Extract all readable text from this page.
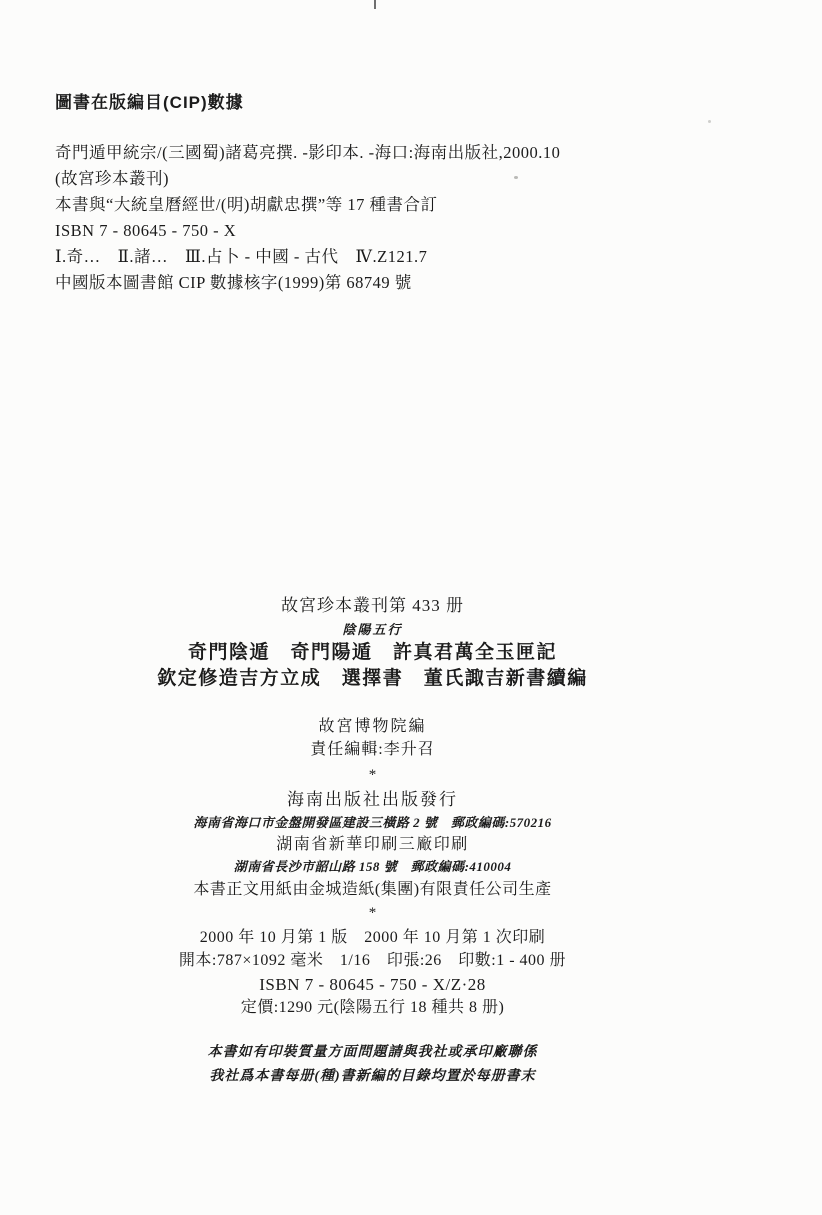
圖書在版編目(CIP)數據
奇門遁甲統宗/(三國蜀)諸葛亮撰. -影印本. -海口:海南出版社,2000.10
(故宮珍本叢刊)
本書與“大統皇曆經世/(明)胡獻忠撰”等 17 種書合訂
ISBN 7 - 80645 - 750 - X
Ⅰ.奇…　Ⅱ.諸…　Ⅲ.占卜 - 中國 - 古代　Ⅳ.Z121.7
中國版本圖書館 CIP 數據核字(1999)第 68749 號
故宮珍本叢刊第 433 册
陰陽五行
奇門陰遁　奇門陽遁　許真君萬全玉匣記
欽定修造吉方立成　選擇書　董氏諏吉新書續編
故宮博物院編
責任編輯:李升召
*
海南出版社出版發行
海南省海口市金盤開發區建設三橫路 2 號　郵政編碼:570216
湖南省新華印刷三廠印刷
湖南省長沙市韶山路 158 號　郵政編碼:410004
本書正文用紙由金城造紙(集團)有限責任公司生產
*
2000 年 10 月第 1 版　2000 年 10 月第 1 次印刷
開本:787×1092 毫米　1/16　印張:26　印數:1 - 400 册
ISBN 7 - 80645 - 750 - X/Z·28
定價:1290 元(陰陽五行 18 種共 8 册)
本書如有印裝質量方面問題請與我社或承印廠聯係
我社爲本書每册(種)書新編的目錄均置於每册書末
